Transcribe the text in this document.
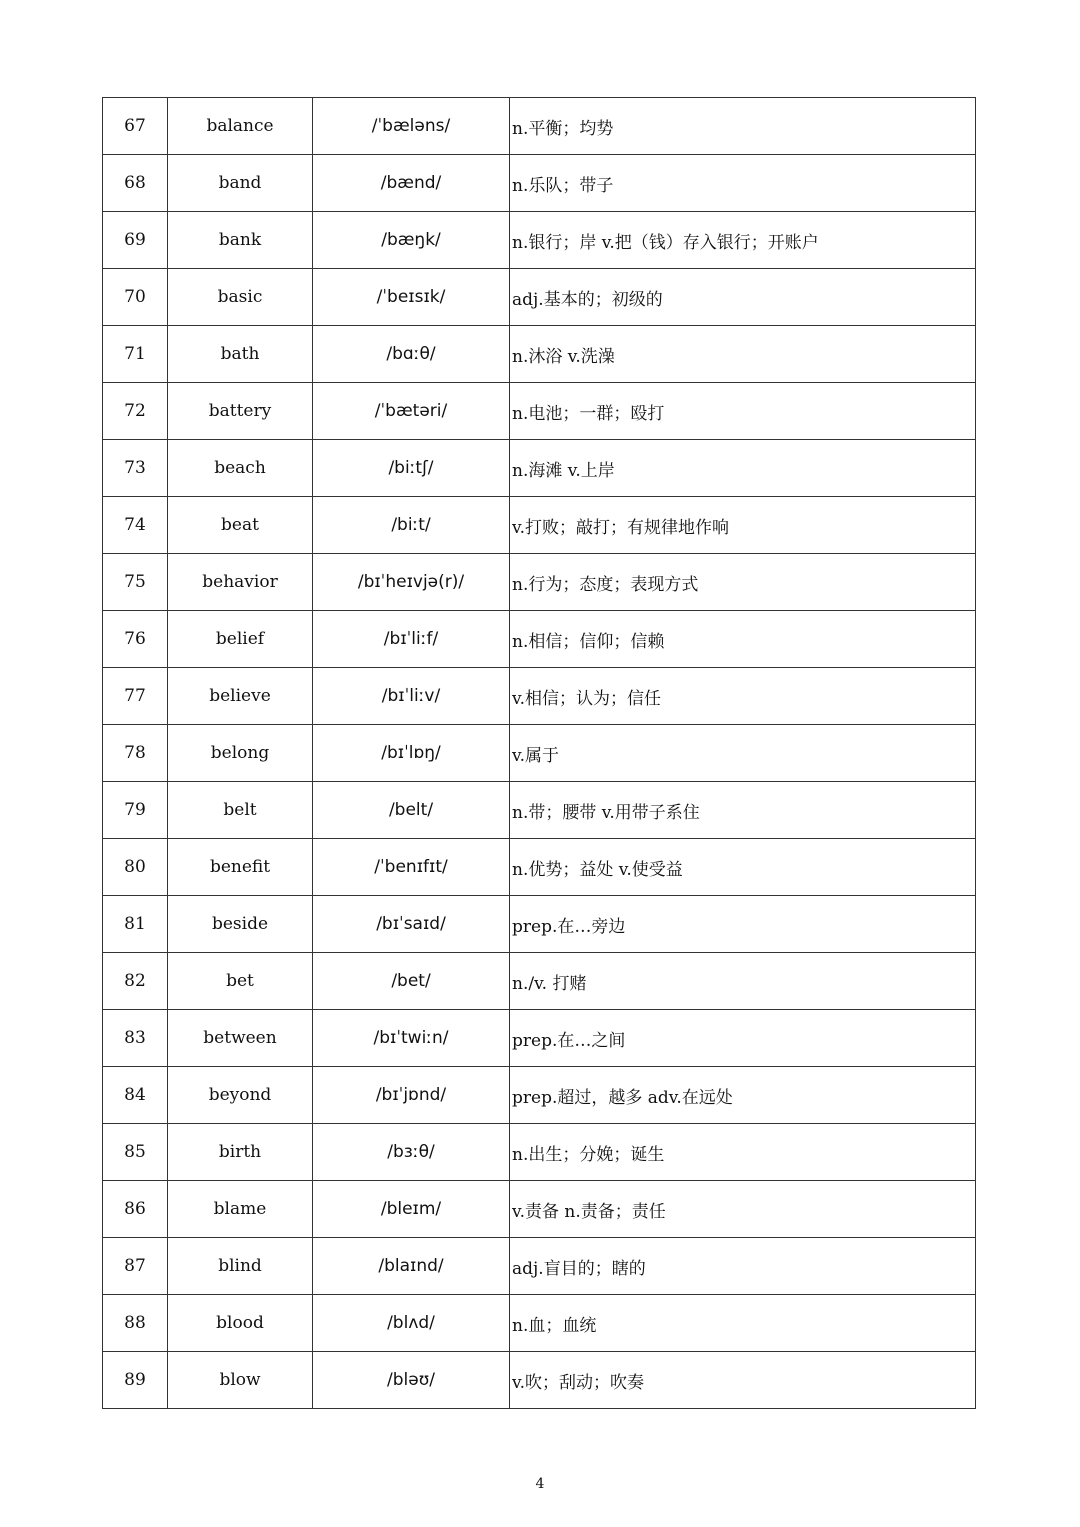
67	balance	/ˈbæləns/	n.平衡；均势
68	band	/bænd/	n.乐队；带子
69	bank	/bæŋk/	n.银行；岸 v.把（钱）存入银行；开账户
70	basic	/ˈbeɪsɪk/	adj.基本的；初级的
71	bath	/bɑːθ/	n.沐浴 v.洗澡
72	battery	/ˈbætəri/	n.电池；一群；殴打
73	beach	/biːtʃ/	n.海滩 v.上岸
74	beat	/biːt/	v.打败；敲打；有规律地作响
75	behavior	/bɪˈheɪvjə(r)/	n.行为；态度；表现方式
76	belief	/bɪˈliːf/	n.相信；信仰；信赖
77	believe	/bɪˈliːv/	v.相信；认为；信任
78	belong	/bɪˈlɒŋ/	v.属于
79	belt	/belt/	n.带；腰带 v.用带子系住
80	benefit	/ˈbenɪfɪt/	n.优势；益处 v.使受益
81	beside	/bɪˈsaɪd/	prep.在…旁边
82	bet	/bet/	n./v. 打赌
83	between	/bɪˈtwiːn/	prep.在…之间
84	beyond	/bɪˈjɒnd/	prep.超过，越多 adv.在远处
85	birth	/bɜːθ/	n.出生；分娩；诞生
86	blame	/bleɪm/	v.责备 n.责备；责任
87	blind	/blaɪnd/	adj.盲目的；瞎的
88	blood	/blʌd/	n.血；血统
89	blow	/bləʊ/	v.吹；刮动；吹奏
4
